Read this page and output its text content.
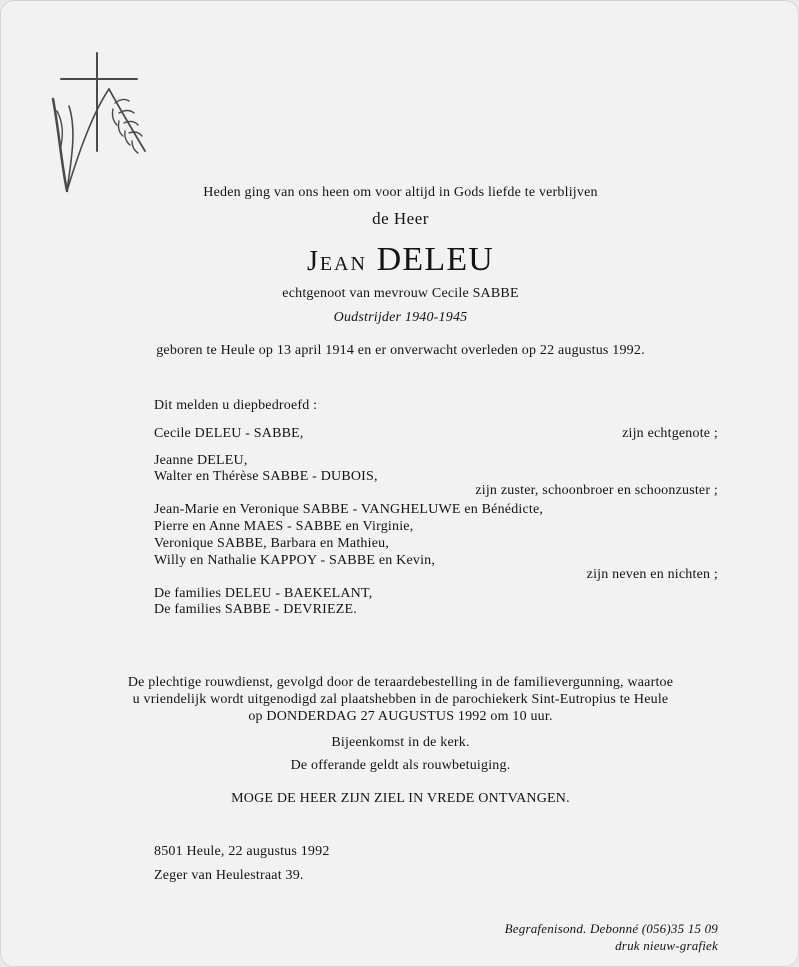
Heden ging van ons heen om voor altijd in Gods liefde te verblijven
de Heer
Jean DELEU
echtgenoot van mevrouw Cecile SABBE
Oudstrijder 1940-1945
geboren te Heule op 13 april 1914 en er onverwacht overleden op 22 augustus 1992.
Dit melden u diepbedroefd :
Cecile DELEU - SABBE,	zijn echtgenote ;
Jeanne DELEU,
Walter en Thérèse SABBE - DUBOIS,
zijn zuster, schoonbroer en schoonzuster ;
Jean-Marie en Veronique SABBE - VANGHELUWE en Bénédicte,
Pierre en Anne MAES - SABBE en Virginie,
Veronique SABBE, Barbara en Mathieu,
Willy en Nathalie KAPPOY - SABBE en Kevin,
zijn neven en nichten ;
De families DELEU - BAEKELANT,
De families SABBE - DEVRIEZE.
De plechtige rouwdienst, gevolgd door de teraardebestelling in de familievergunning, waartoe
u vriendelijk wordt uitgenodigd zal plaatshebben in de parochiekerk Sint-Eutropius te Heule
op DONDERDAG 27 AUGUSTUS 1992 om 10 uur.
Bijeenkomst in de kerk.
De offerande geldt als rouwbetuiging.
MOGE DE HEER ZIJN ZIEL IN VREDE ONTVANGEN.
8501 Heule, 22 augustus 1992
Zeger van Heulestraat 39.
Begrafenisond. Debonné (056)35 15 09
druk nieuw-grafiek
